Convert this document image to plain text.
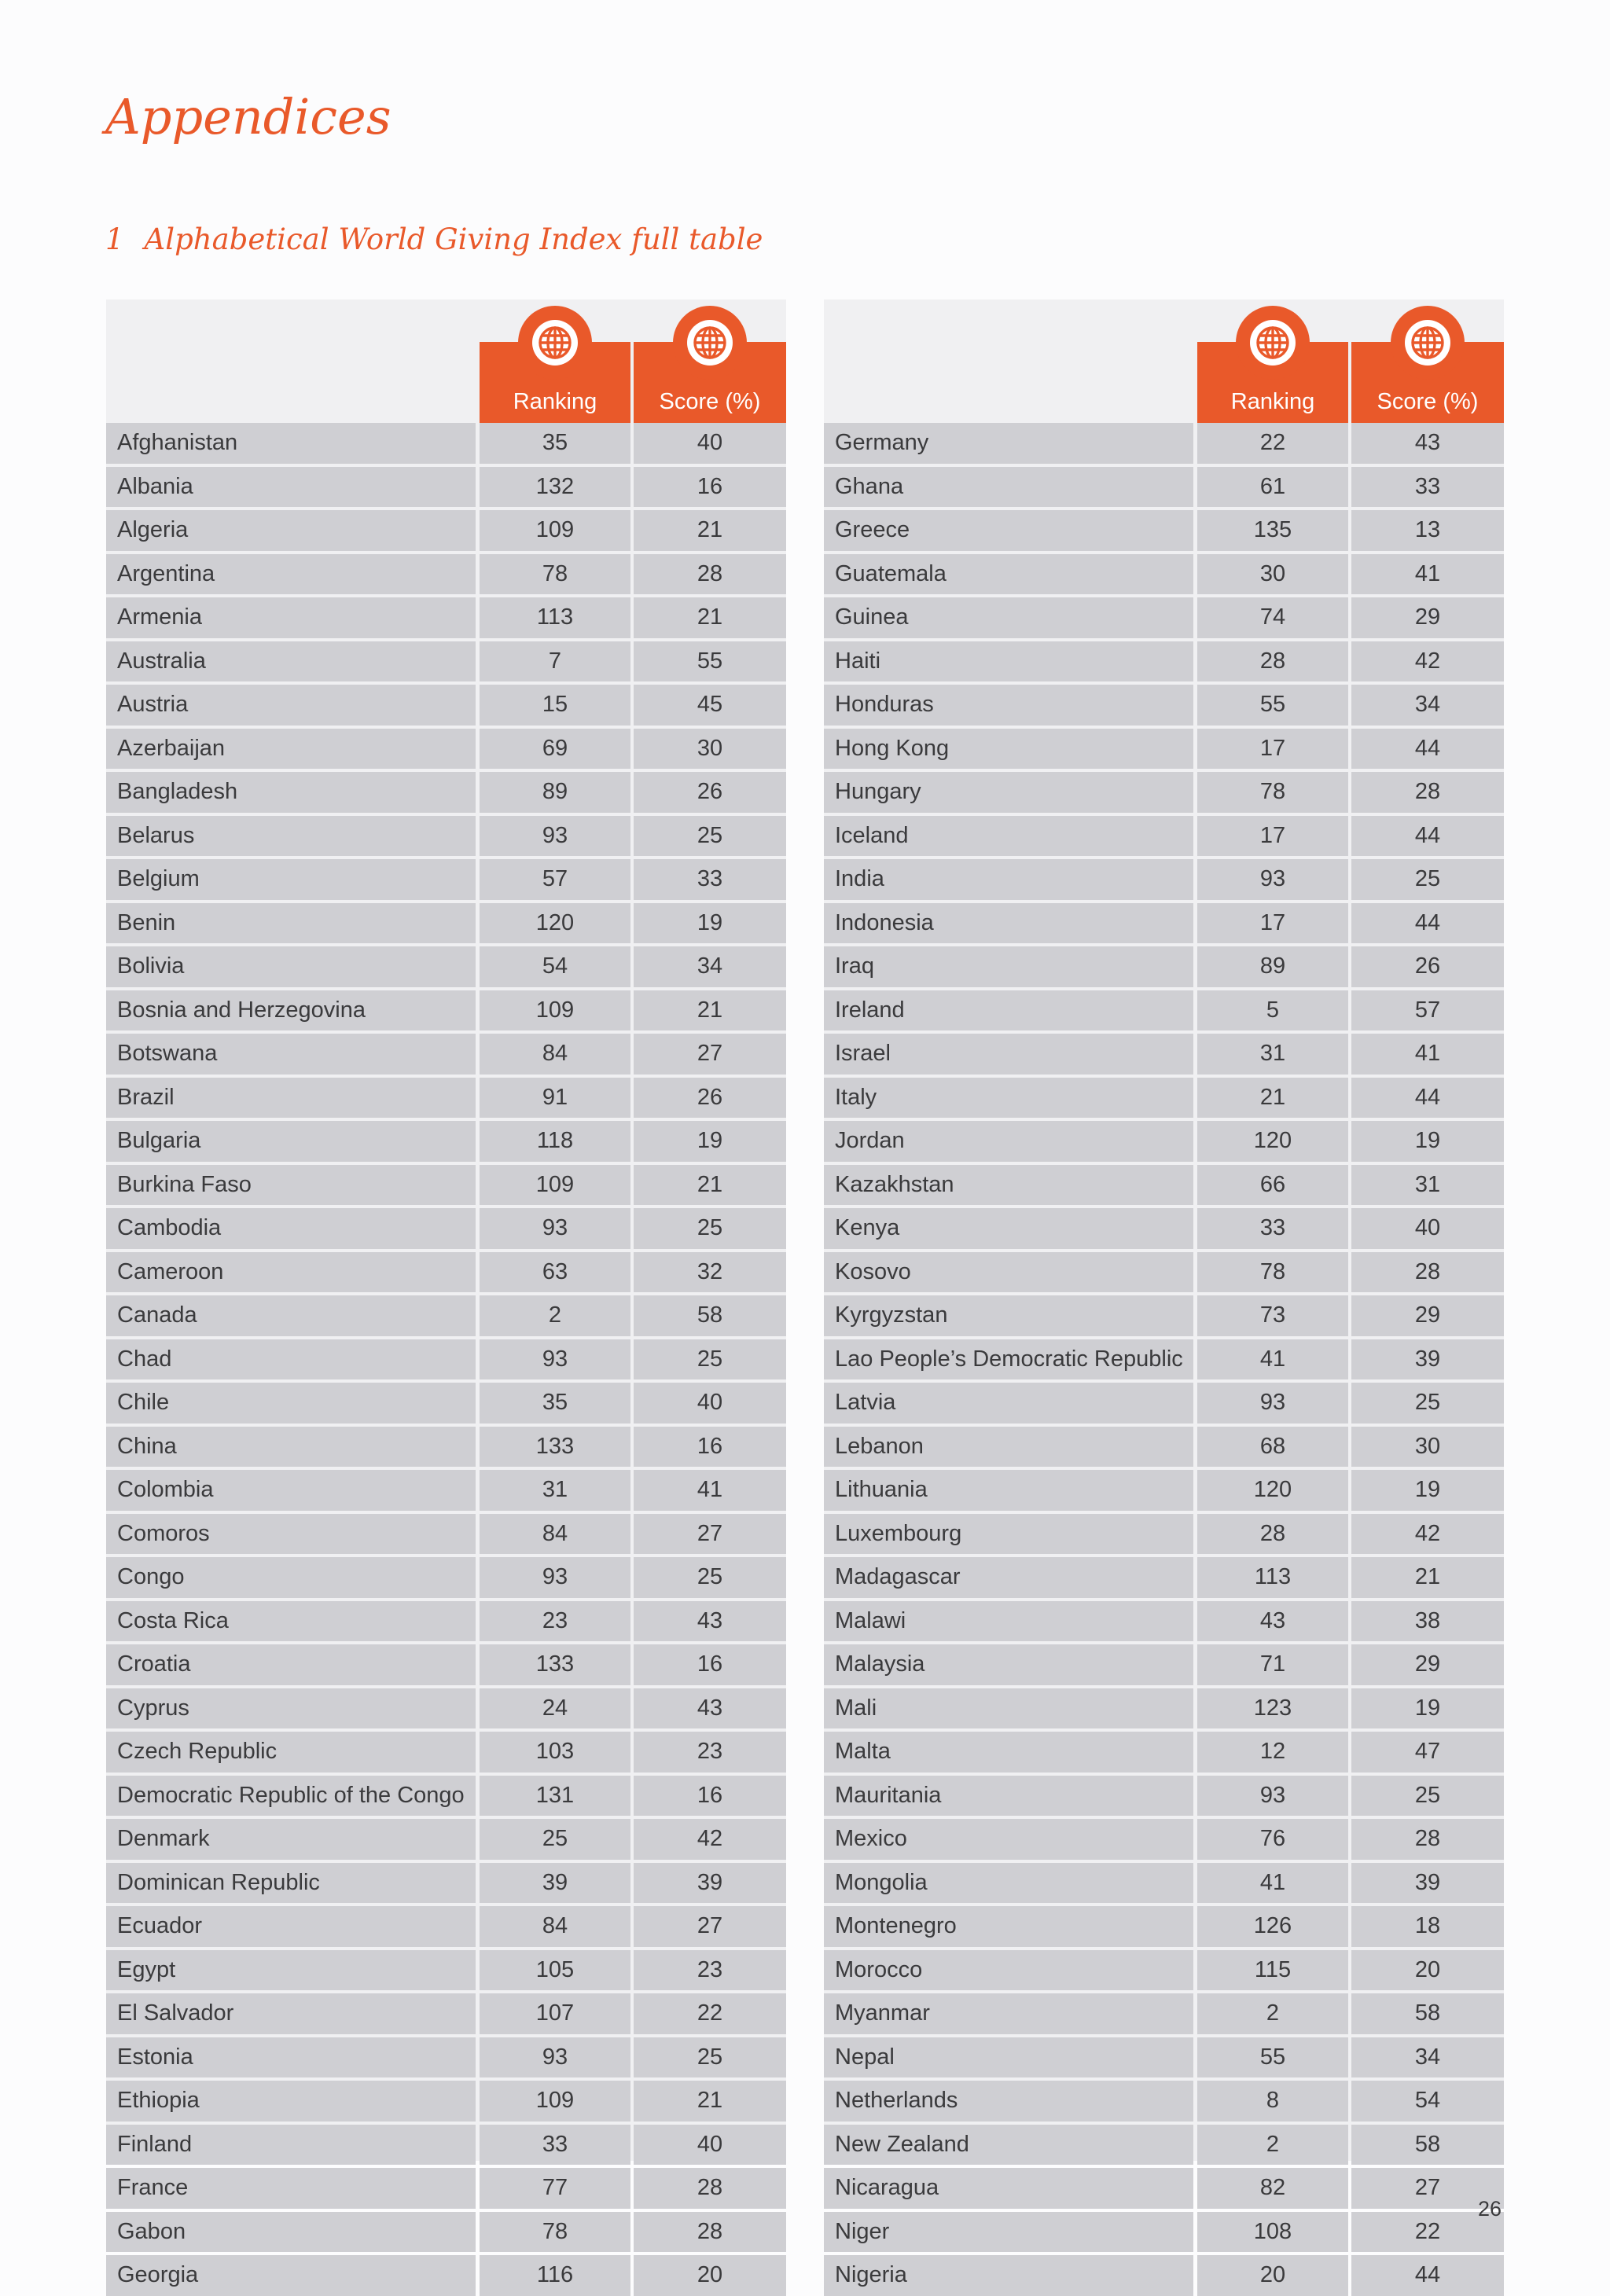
Appendices
1 Alphabetical World Giving Index full table
Ranking	Score (%)
Afghanistan	35	40
Albania	132	16
Algeria	109	21
Argentina	78	28
Armenia	113	21
Australia	7	55
Austria	15	45
Azerbaijan	69	30
Bangladesh	89	26
Belarus	93	25
Belgium	57	33
Benin	120	19
Bolivia	54	34
Bosnia and Herzegovina	109	21
Botswana	84	27
Brazil	91	26
Bulgaria	118	19
Burkina Faso	109	21
Cambodia	93	25
Cameroon	63	32
Canada	2	58
Chad	93	25
Chile	35	40
China	133	16
Colombia	31	41
Comoros	84	27
Congo	93	25
Costa Rica	23	43
Croatia	133	16
Cyprus	24	43
Czech Republic	103	23
Democratic Republic of the Congo	131	16
Denmark	25	42
Dominican Republic	39	39
Ecuador	84	27
Egypt	105	23
El Salvador	107	22
Estonia	93	25
Ethiopia	109	21
Finland	33	40
France	77	28
Gabon	78	28
Georgia	116	20
Ranking	Score (%)
Germany	22	43
Ghana	61	33
Greece	135	13
Guatemala	30	41
Guinea	74	29
Haiti	28	42
Honduras	55	34
Hong Kong	17	44
Hungary	78	28
Iceland	17	44
India	93	25
Indonesia	17	44
Iraq	89	26
Ireland	5	57
Israel	31	41
Italy	21	44
Jordan	120	19
Kazakhstan	66	31
Kenya	33	40
Kosovo	78	28
Kyrgyzstan	73	29
Lao People’s Democratic Republic	41	39
Latvia	93	25
Lebanon	68	30
Lithuania	120	19
Luxembourg	28	42
Madagascar	113	21
Malawi	43	38
Malaysia	71	29
Mali	123	19
Malta	12	47
Mauritania	93	25
Mexico	76	28
Mongolia	41	39
Montenegro	126	18
Morocco	115	20
Myanmar	2	58
Nepal	55	34
Netherlands	8	54
New Zealand	2	58
Nicaragua	82	27
Niger	108	22
Nigeria	20	44
26
